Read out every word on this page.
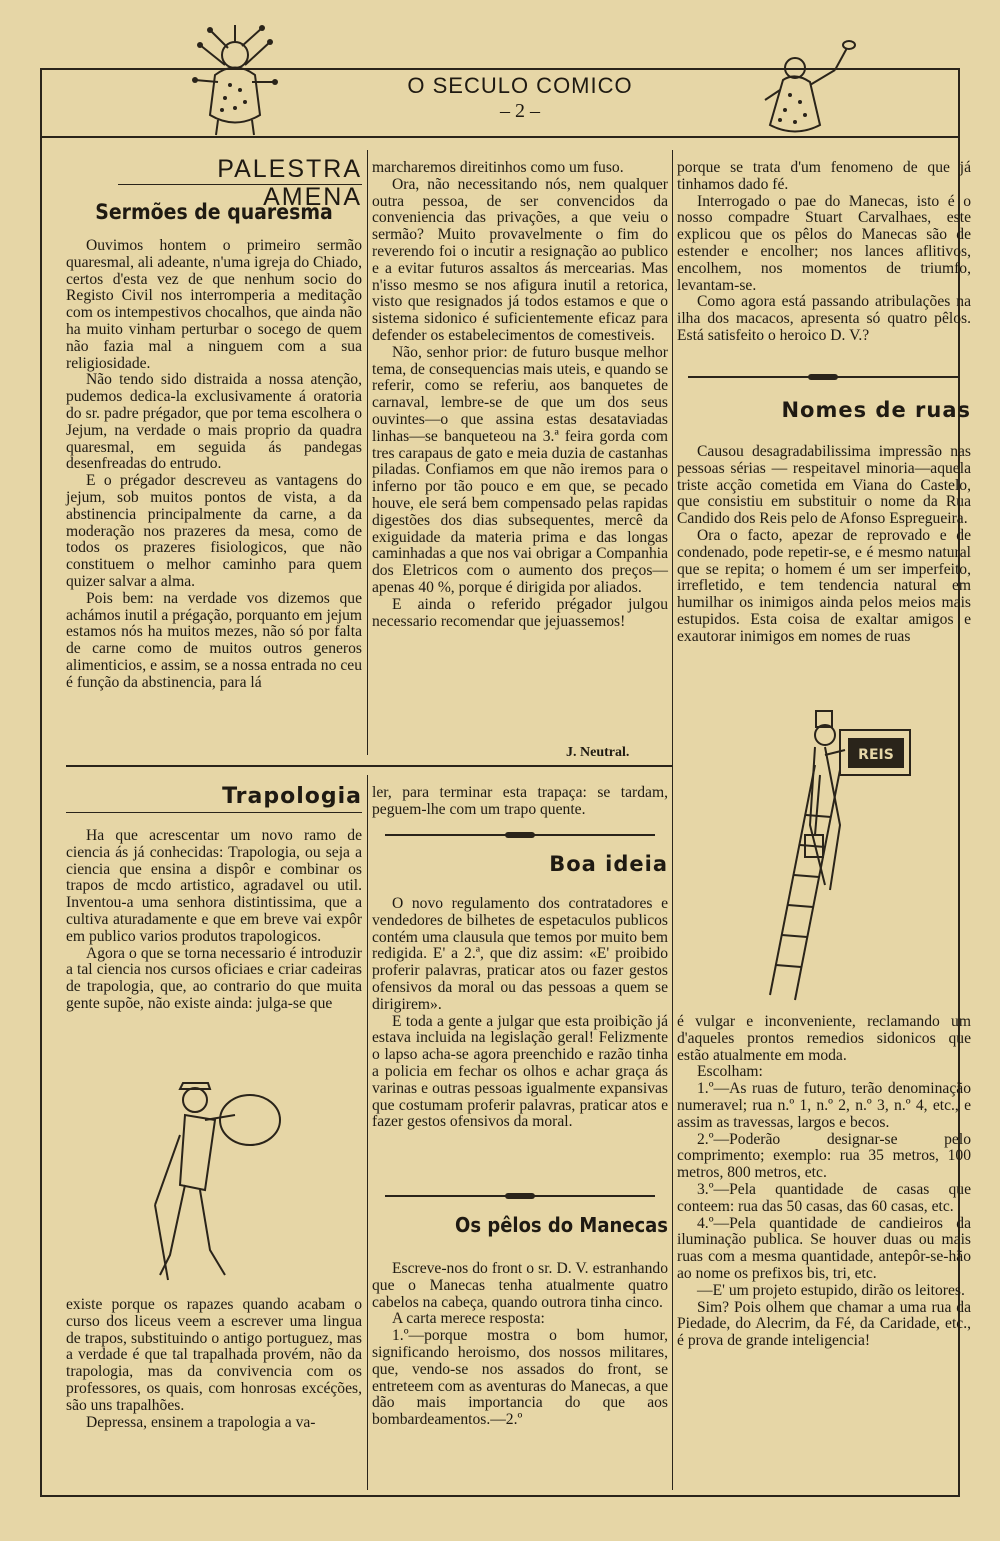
O SECULO COMICO
– 2 –
PALESTRA AMENA
Sermões de quaresma

Ouvimos hontem o primeiro sermão quaresmal, ali adeante, n'uma igreja do Chiado, certos d'esta vez de que nenhum socio do Registo Civil nos interromperia a meditação com os intempestivos chocalhos, que ainda não ha muito vinham perturbar o socego de quem não fazia mal a ninguem com a sua religiosidade.

Não tendo sido distraida a nossa atenção, pudemos dedica-la exclusivamente á oratoria do sr. padre prégador, que por tema escolhera o Jejum, na verdade o mais proprio da quadra quaresmal, em seguida ás pandegas desenfreadas do entrudo.

E o prégador descreveu as vantagens do jejum, sob muitos pontos de vista, a da abstinencia principalmente da carne, a da moderação nos prazeres da mesa, como de todos os prazeres fisiologicos, que não constituem o melhor caminho para quem quizer salvar a alma.

Pois bem: na verdade vos dizemos que achámos inutil a prégação, porquanto em jejum estamos nós ha muitos mezes, não só por falta de carne como de muitos outros generos alimenticios, e assim, se a nossa entrada no ceu é função da abstinencia, para lá

marcharemos direitinhos como um fuso.

Ora, não necessitando nós, nem qualquer outra pessoa, de ser convencidos da conveniencia das privações, a que veiu o sermão? Muito provavelmente o fim do reverendo foi o incutir a resignação ao publico e a evitar futuros assaltos ás mercearias. Mas n'isso mesmo se nos afigura inutil a retorica, visto que resignados já todos estamos e que o sistema sidonico é suficientemente eficaz para defender os estabelecimentos de comestiveis.

Não, senhor prior: de futuro busque melhor tema, de consequencias mais uteis, e quando se referir, como se referiu, aos banquetes de carnaval, lembre-se de que um dos seus ouvintes—o que assina estas desataviadas linhas—se banqueteou na 3.ª feira gorda com tres carapaus de gato e meia duzia de castanhas piladas. Confiamos em que não iremos para o inferno por tão pouco e em que, se pecado houve, ele será bem compensado pelas rapidas digestões dos dias subsequentes, mercê da exiguidade da materia prima e das longas caminhadas a que nos vai obrigar a Companhia dos Eletricos com o aumento dos preços—apenas 40 %, porque é dirigida por aliados.

E ainda o referido prégador julgou necessario recomendar que jejuassemos!

J. Neutral.

porque se trata d'um fenomeno de que já tinhamos dado fé.

Interrogado o pae do Manecas, isto é o nosso compadre Stuart Carvalhaes, este explicou que os pêlos do Manecas são de estender e encolher; nos lances aflitivos, encolhem, nos momentos de triumfo, levantam-se.

Como agora está passando atribulações na ilha dos macacos, apresenta só quatro pêlos. Está satisfeito o heroico D. V.?

Nomes de ruas

Causou desagradabilissima impressão nas pessoas sérias — respeitavel minoria—aquela triste acção cometida em Viana do Castelo, que consistiu em substituir o nome da Rua Candido dos Reis pelo de Afonso Espregueira.

Ora o facto, apezar de reprovado e de condenado, pode repetir-se, e é mesmo natural que se repita; o homem é um ser imperfeito, irrefletido, e tem tendencia natural em humilhar os inimigos ainda pelos meios mais estupidos. Esta coisa de exaltar amigos e exautorar inimigos em nomes de ruas

REIS

é vulgar e inconveniente, reclamando um d'aqueles prontos remedios sidonicos que estão atualmente em moda.

Escolham:

1.º—As ruas de futuro, terão denominação numeravel; rua n.º 1, n.º 2, n.º 3, n.º 4, etc., e assim as travessas, largos e becos.

2.º—Poderão designar-se pelo comprimento; exemplo: rua 35 metros, 100 metros, 800 metros, etc.

3.º—Pela quantidade de casas que conteem: rua das 50 casas, das 60 casas, etc.

4.º—Pela quantidade de candieiros da iluminação publica. Se houver duas ou mais ruas com a mesma quantidade, antepôr-se-hão ao nome os prefixos bis, tri, etc.

—E' um projeto estupido, dirão os leitores.

Sim? Pois olhem que chamar a uma rua da Piedade, do Alecrim, da Fé, da Caridade, etc., é prova de grande inteligencia!

Trapologia

Ha que acrescentar um novo ramo de ciencia ás já conhecidas: Trapologia, ou seja a ciencia que ensina a dispôr e combinar os trapos de mcdo artistico, agradavel ou util. Inventou-a uma senhora distintissima, que a cultiva aturadamente e que em breve vai expôr em publico varios produtos trapologicos.

Agora o que se torna necessario é introduzir a tal ciencia nos cursos oficiaes e criar cadeiras de trapologia, que, ao contrario do que muita gente supõe, não existe ainda: julga-se que

existe porque os rapazes quando acabam o curso dos liceus veem a escrever uma lingua de trapos, substituindo o antigo portuguez, mas a verdade é que tal trapalhada provém, não da trapologia, mas da convivencia com os professores, os quais, com honrosas excéções, são uns trapalhões.

Depressa, ensinem a trapologia a va-

ler, para terminar esta trapaça: se tardam, peguem-lhe com um trapo quente.

Boa ideia

O novo regulamento dos contratadores e vendedores de bilhetes de espetaculos publicos contém uma clausula que temos por muito bem redigida. E' a 2.ª, que diz assim: «E' proibido proferir palavras, praticar atos ou fazer gestos ofensivos da moral ou das pessoas a quem se dirigirem».

E toda a gente a julgar que esta proibição já estava incluida na legislação geral! Felizmente o lapso acha-se agora preenchido e razão tinha a policia em fechar os olhos e achar graça ás varinas e outras pessoas igualmente expansivas que costumam proferir palavras, praticar atos e fazer gestos ofensivos da moral.

Os pêlos do Manecas

Escreve-nos do front o sr. D. V. estranhando que o Manecas tenha atualmente quatro cabelos na cabeça, quando outrora tinha cinco.

A carta merece resposta:

1.º—porque mostra o bom humor, significando heroismo, dos nossos militares, que, vendo-se nos assados do front, se entreteem com as aventuras do Manecas, a que dão mais importancia do que aos bombardeamentos.—2.º
